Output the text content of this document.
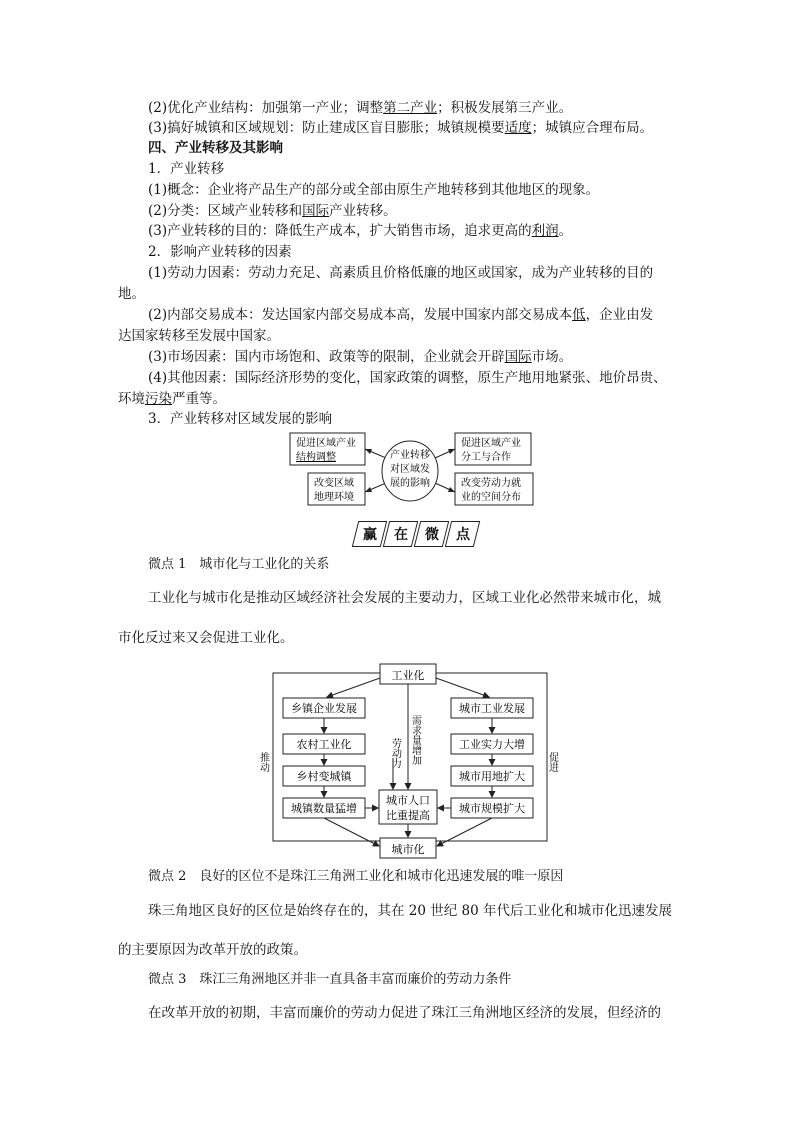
(2)优化产业结构：加强第一产业；调整第二产业；积极发展第三产业。
(3)搞好城镇和区域规划：防止建成区盲目膨胀；城镇规模要适度；城镇应合理布局。
四、产业转移及其影响
1．产业转移
(1)概念：企业将产品生产的部分或全部由原生产地转移到其他地区的现象。
(2)分类：区域产业转移和国际产业转移。
(3)产业转移的目的：降低生产成本，扩大销售市场，追求更高的利润。
2．影响产业转移的因素
(1)劳动力因素：劳动力充足、高素质且价格低廉的地区或国家，成为产业转移的目的
地。
(2)内部交易成本：发达国家内部交易成本高，发展中国家内部交易成本低，企业由发
达国家转移至发展中国家。
(3)市场因素：国内市场饱和、政策等的限制，企业就会开辟国际市场。
(4)其他因素：国际经济形势的变化，国家政策的调整，原生产地用地紧张、地价昂贵、
环境污染严重等。
3．产业转移对区域发展的影响
产业转移
对区域发
展的影响
促进区域产业
结构调整
促进区域产业
分工与合作
改变区域
地理环境
改变劳动力就
业的空间分布
赢 在 微 点
微点 1　城市化与工业化的关系
工业化与城市化是推动区域经济社会发展的主要动力，区域工业化必然带来城市化，城
市化反过来又会促进工业化。
工业化
乡镇企业发展
农村工业化
乡村变城镇
城镇数量猛增
城市工业发展
工业实力大增
城市用地扩大
城市规模扩大
城市人口
比重提高
城市化
劳动力 需求量增加
推动	促进
微点 2　良好的区位不是珠江三角洲工业化和城市化迅速发展的唯一原因
珠三角地区良好的区位是始终存在的，其在 20 世纪 80 年代后工业化和城市化迅速发展
的主要原因为改革开放的政策。
微点 3　珠江三角洲地区并非一直具备丰富而廉价的劳动力条件
在改革开放的初期，丰富而廉价的劳动力促进了珠江三角洲地区经济的发展，但经济的
